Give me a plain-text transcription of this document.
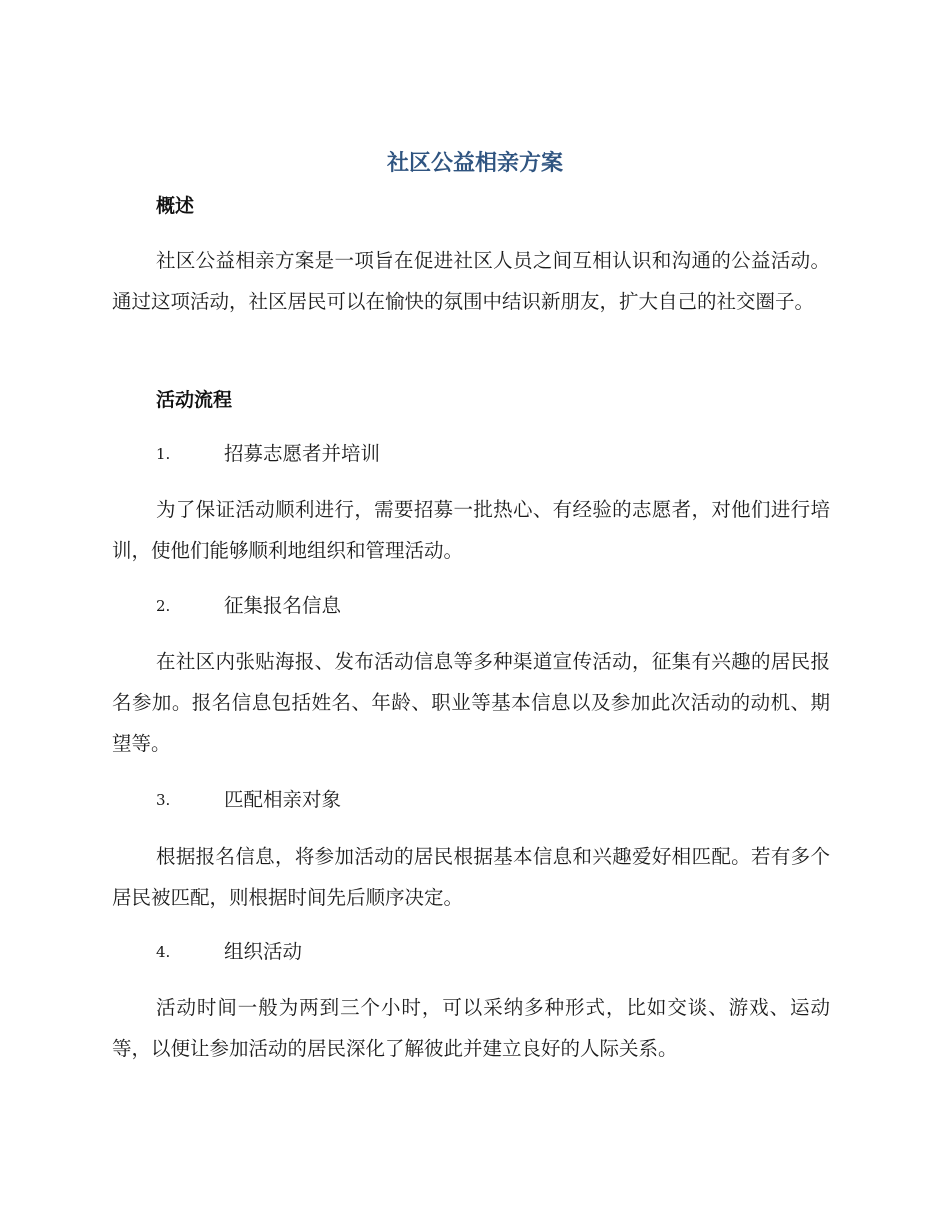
社区公益相亲方案
概述

社区公益相亲方案是一项旨在促进社区人员之间互相认识和沟通的公益活动。通过这项活动，社区居民可以在愉快的氛围中结识新朋友，扩大自己的社交圈子。

活动流程
1.	招募志愿者并培训

为了保证活动顺利进行，需要招募一批热心、有经验的志愿者，对他们进行培训，使他们能够顺利地组织和管理活动。

2.	征集报名信息

在社区内张贴海报、发布活动信息等多种渠道宣传活动，征集有兴趣的居民报名参加。报名信息包括姓名、年龄、职业等基本信息以及参加此次活动的动机、期望等。

3.	匹配相亲对象

根据报名信息，将参加活动的居民根据基本信息和兴趣爱好相匹配。若有多个居民被匹配，则根据时间先后顺序决定。

4.	组织活动

活动时间一般为两到三个小时，可以采纳多种形式，比如交谈、游戏、运动等，以便让参加活动的居民深化了解彼此并建立良好的人际关系。
